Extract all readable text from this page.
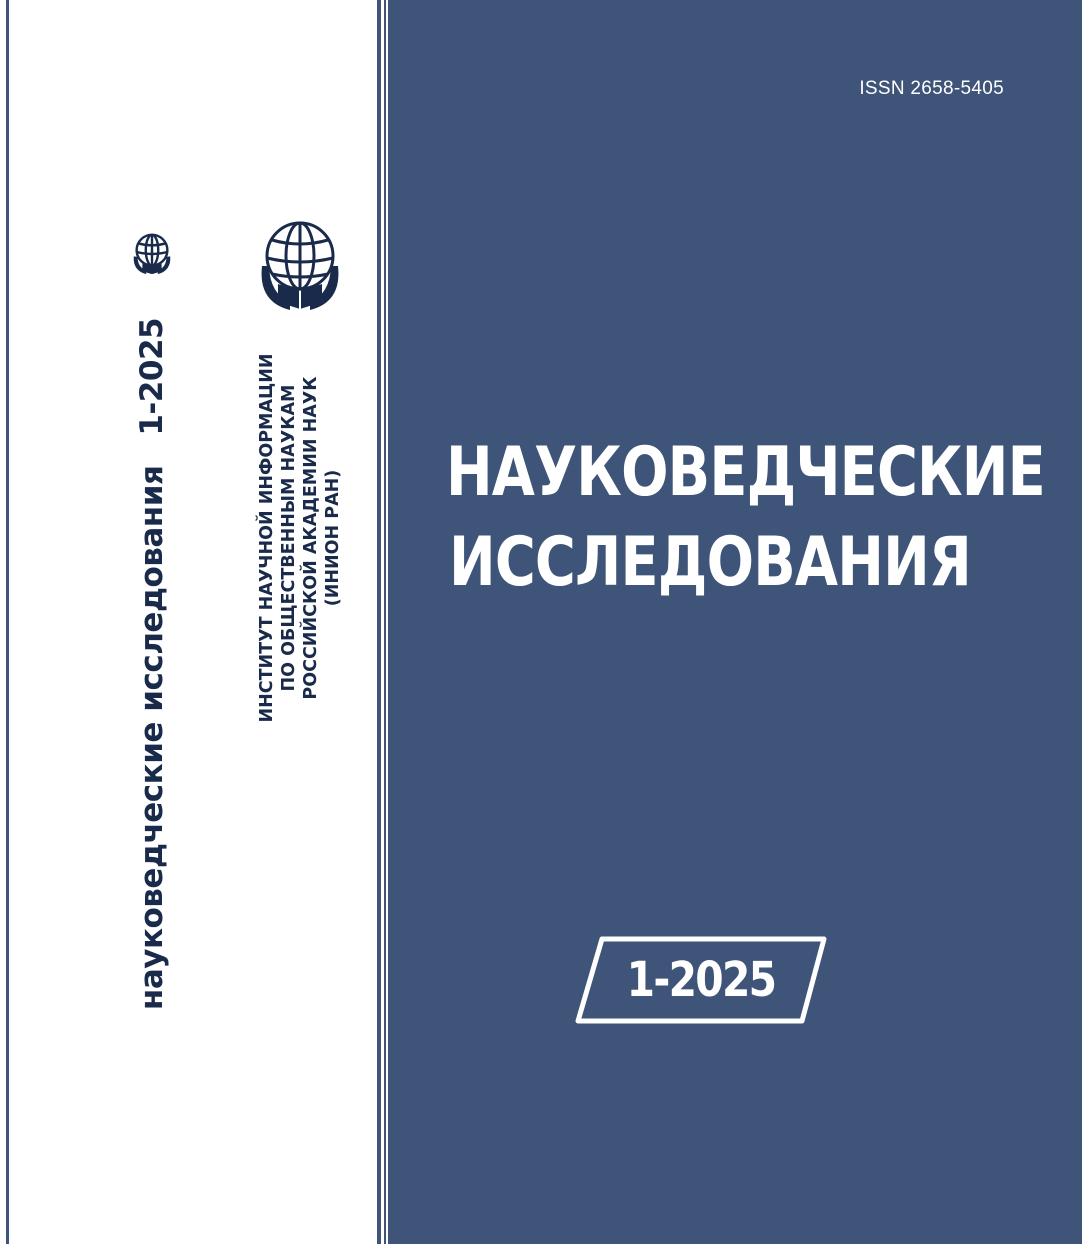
науковедческие исследования1-2025	ИНСТИТУТ НАУЧНОЙ ИНФОРМАЦИИ ПО ОБЩЕСТВЕННЫМ НАУКАМ РОССИЙСКОЙ АКАДЕМИИ НАУК (ИНИОН РАН)
ISSN 2658-5405
НАУКОВЕДЧЕСКИЕ
ИССЛЕДОВАНИЯ
1-2025
